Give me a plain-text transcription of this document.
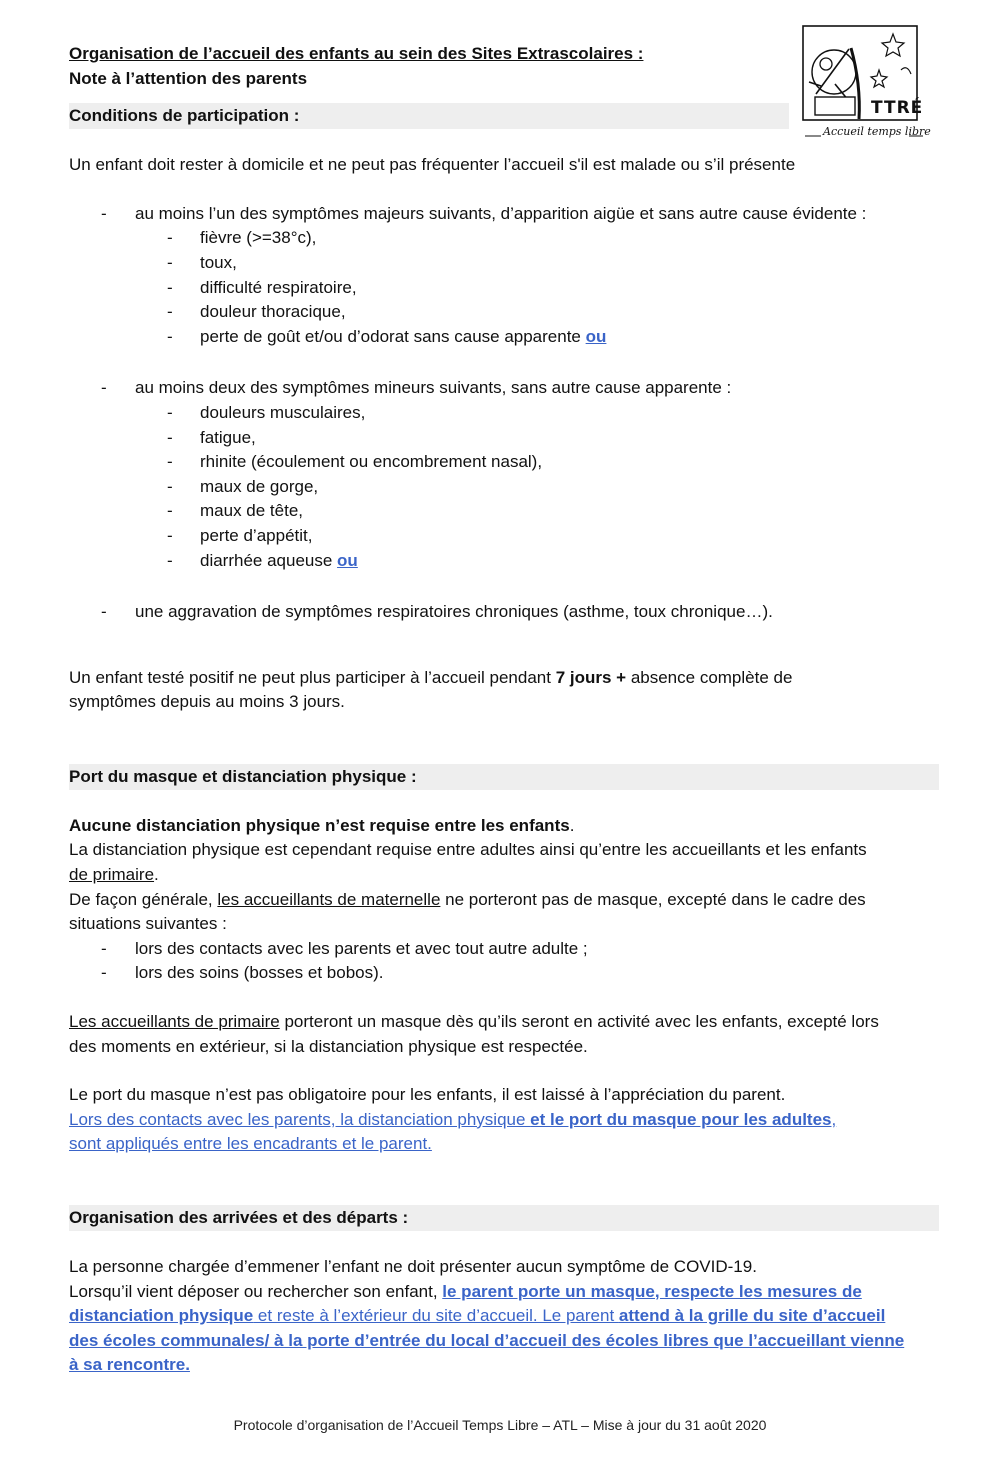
Organisation de l’accueil des enfants au sein des Sites Extrascolaires :

Note à l’attention des parents

Conditions de participation :

Un enfant doit rester à domicile et ne peut pas fréquenter l’accueil s'il est malade ou s’il présente

- au moins l’un des symptômes majeurs suivants, d’apparition aigüe et sans autre cause évidente :

- fièvre (>=38°c),

- toux,

- difficulté respiratoire,

- douleur thoracique,

- perte de goût et/ou d’odorat sans cause apparente ou

- au moins deux des symptômes mineurs suivants, sans autre cause apparente :

- douleurs musculaires,

- fatigue,

- rhinite (écoulement ou encombrement nasal),

- maux de gorge,

- maux de tête,

- perte d’appétit,

- diarrhée aqueuse ou

- une aggravation de symptômes respiratoires chroniques (asthme, toux chronique…).

Un enfant testé positif ne peut plus participer à l’accueil pendant 7 jours + absence complète de

symptômes depuis au moins 3 jours.

Port du masque et distanciation physique :

Aucune distanciation physique n’est requise entre les enfants.

La distanciation physique est cependant requise entre adultes ainsi qu’entre les accueillants et les enfants

de primaire.

De façon générale, les accueillants de maternelle ne porteront pas de masque, excepté dans le cadre des

situations suivantes :

- lors des contacts avec les parents et avec tout autre adulte ;

- lors des soins (bosses et bobos).

Les accueillants de primaire porteront un masque dès qu’ils seront en activité avec les enfants, excepté lors

des moments en extérieur, si la distanciation physique est respectée.

Le port du masque n’est pas obligatoire pour les enfants, il est laissé à l’appréciation du parent.

Lors des contacts avec les parents, la distanciation physique et le port du masque pour les adultes,

sont appliqués entre les encadrants et le parent.

Organisation des arrivées et des départs :

La personne chargée d’emmener l’enfant ne doit présenter aucun symptôme de COVID-19.

Lorsqu’il vient déposer ou rechercher son enfant, le parent porte un masque, respecte les mesures de

distanciation physique et reste à l’extérieur du site d’accueil. Le parent attend à la grille du site d’accueil

des écoles communales/ à la porte d’entrée du local d’accueil des écoles libres que l’accueillant vienne

à sa rencontre.

TTRÉ
Accueil temps libre
Protocole d’organisation de l’Accueil Temps Libre – ATL – Mise à jour du 31 août 2020
